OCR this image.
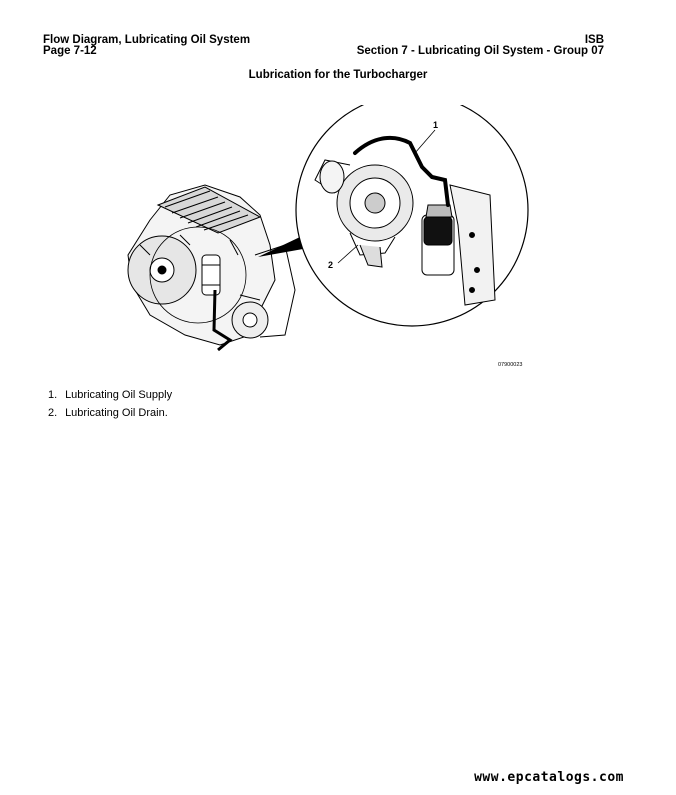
Flow Diagram, Lubricating Oil System
Page 7-12
ISB
Section 7 - Lubricating Oil System - Group 07
Lubrication for the Turbocharger
1
2
07900023
1. Lubricating Oil Supply
2. Lubricating Oil Drain.
www.epcatalogs.com
